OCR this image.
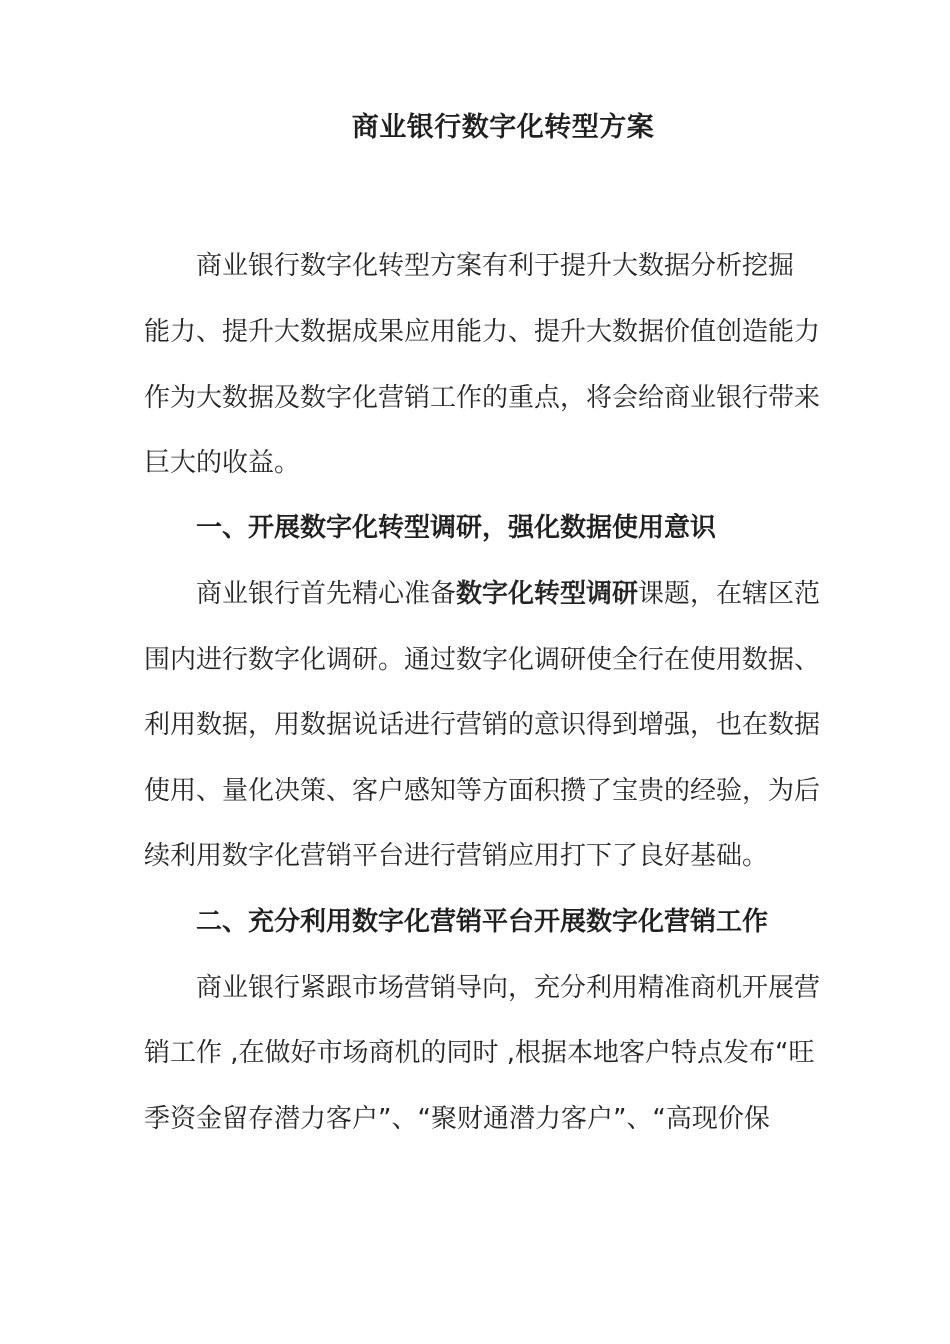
商业银行数字化转型方案
商业银行数字化转型方案有利于提升大数据分析挖掘
能力、提升大数据成果应用能力、提升大数据价值创造能力
作为大数据及数字化营销工作的重点，将会给商业银行带来
巨大的收益。
一、开展数字化转型调研，强化数据使用意识
商业银行首先精心准备数字化转型调研课题，在辖区范
围内进行数字化调研。通过数字化调研使全行在使用数据、
利用数据，用数据说话进行营销的意识得到增强，也在数据
使用、量化决策、客户感知等方面积攒了宝贵的经验，为后
续利用数字化营销平台进行营销应用打下了良好基础。
二、充分利用数字化营销平台开展数字化营销工作
商业银行紧跟市场营销导向，充分利用精准商机开展营
销工作 ,在做好市场商机的同时 ,根据本地客户特点发布“旺
季资金留存潜力客户”、“聚财通潜力客户”、“高现价保
